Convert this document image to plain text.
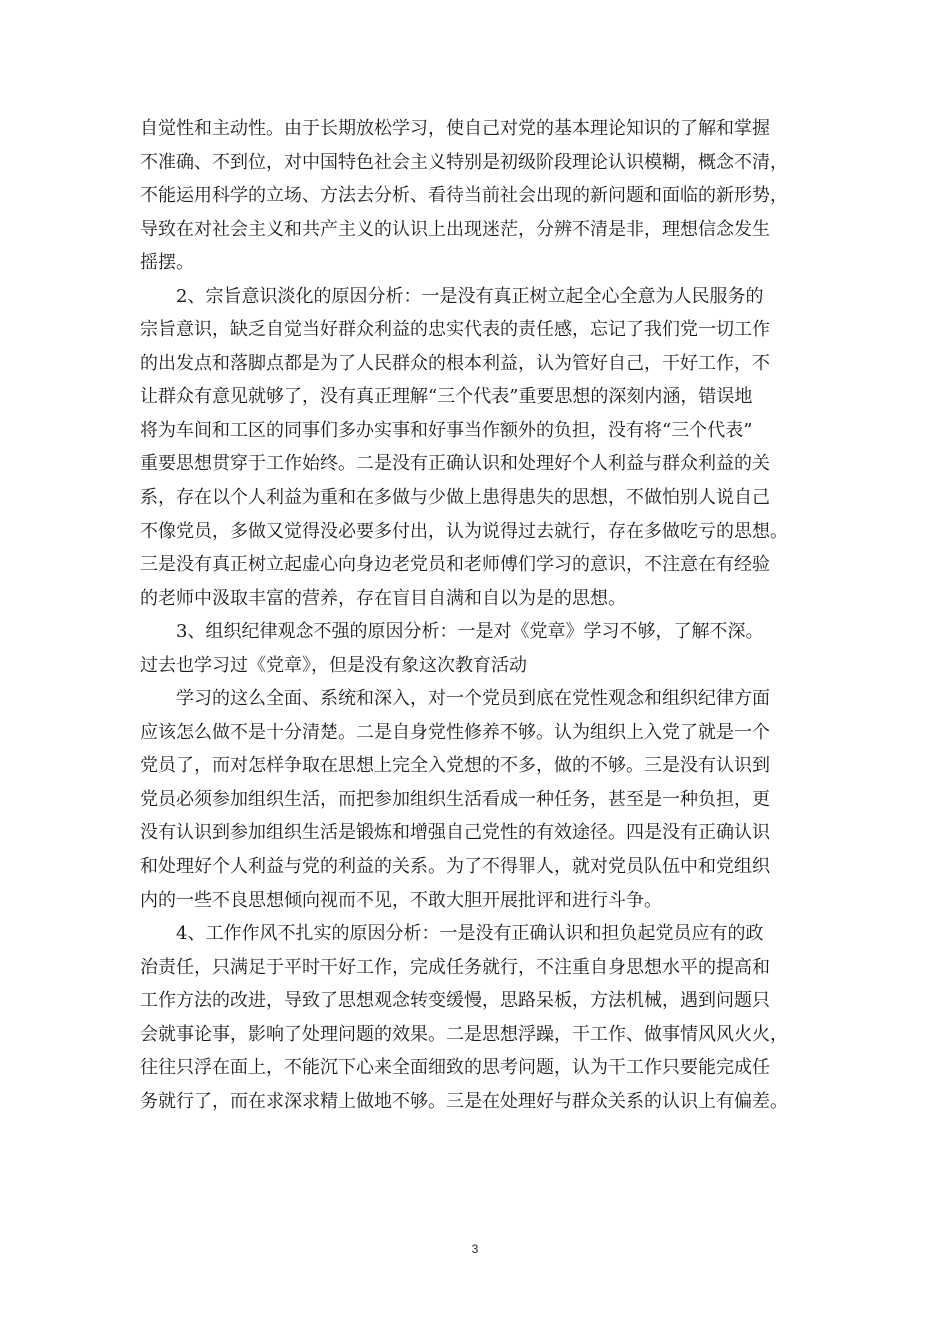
自觉性和主动性。由于长期放松学习，使自己对党的基本理论知识的了解和掌握

不准确、不到位，对中国特色社会主义特别是初级阶段理论认识模糊，概念不清，

不能运用科学的立场、方法去分析、看待当前社会出现的新问题和面临的新形势，

导致在对社会主义和共产主义的认识上出现迷茫，分辨不清是非，理想信念发生

摇摆。

2、宗旨意识淡化的原因分析：一是没有真正树立起全心全意为人民服务的

宗旨意识，缺乏自觉当好群众利益的忠实代表的责任感，忘记了我们党一切工作

的出发点和落脚点都是为了人民群众的根本利益，认为管好自己，干好工作，不

让群众有意见就够了，没有真正理解“三个代表”重要思想的深刻内涵，错误地

将为车间和工区的同事们多办实事和好事当作额外的负担，没有将“三个代表”

重要思想贯穿于工作始终。二是没有正确认识和处理好个人利益与群众利益的关

系，存在以个人利益为重和在多做与少做上患得患失的思想，不做怕别人说自己

不像党员，多做又觉得没必要多付出，认为说得过去就行，存在多做吃亏的思想。

三是没有真正树立起虚心向身边老党员和老师傅们学习的意识，不注意在有经验

的老师中汲取丰富的营养，存在盲目自满和自以为是的思想。

3、组织纪律观念不强的原因分析：一是对《党章》学习不够，了解不深。

过去也学习过《党章》，但是没有象这次教育活动

学习的这么全面、系统和深入，对一个党员到底在党性观念和组织纪律方面

应该怎么做不是十分清楚。二是自身党性修养不够。认为组织上入党了就是一个

党员了，而对怎样争取在思想上完全入党想的不多，做的不够。三是没有认识到

党员必须参加组织生活，而把参加组织生活看成一种任务，甚至是一种负担，更

没有认识到参加组织生活是锻炼和增强自己党性的有效途径。四是没有正确认识

和处理好个人利益与党的利益的关系。为了不得罪人，就对党员队伍中和党组织

内的一些不良思想倾向视而不见，不敢大胆开展批评和进行斗争。

4、工作作风不扎实的原因分析：一是没有正确认识和担负起党员应有的政

治责任，只满足于平时干好工作，完成任务就行，不注重自身思想水平的提高和

工作方法的改进，导致了思想观念转变缓慢，思路呆板，方法机械，遇到问题只

会就事论事，影响了处理问题的效果。二是思想浮躁，干工作、做事情风风火火，

往往只浮在面上，不能沉下心来全面细致的思考问题，认为干工作只要能完成任

务就行了，而在求深求精上做地不够。三是在处理好与群众关系的认识上有偏差。

3
